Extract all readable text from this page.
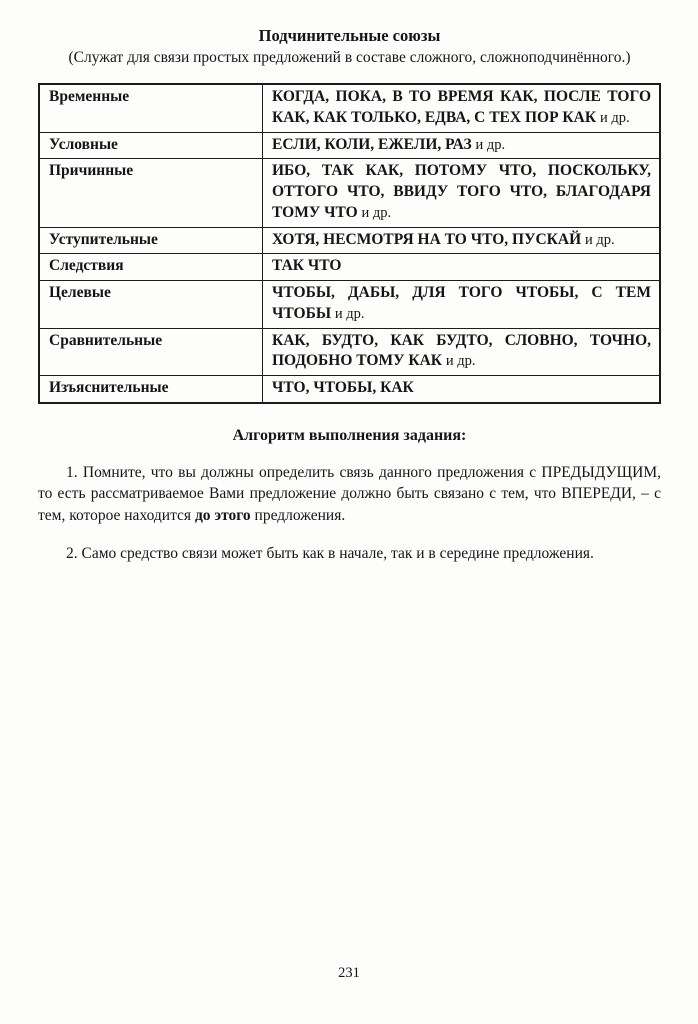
Подчинительные союзы
(Служат для связи простых предложений в составе сложного, сложноподчинённого.)
Временные	КОГДА, ПОКА, В ТО ВРЕМЯ КАК, ПОСЛЕ ТОГО КАК, КАК ТОЛЬКО, ЕДВА, С ТЕХ ПОР КАК и др.
Условные	ЕСЛИ, КОЛИ, ЕЖЕЛИ, РАЗ и др.
Причинные	ИБО, ТАК КАК, ПОТОМУ ЧТО, ПОСКОЛЬКУ, ОТТОГО ЧТО, ВВИДУ ТОГО ЧТО, БЛАГОДАРЯ ТОМУ ЧТО и др.
Уступительные	ХОТЯ, НЕСМОТРЯ НА ТО ЧТО, ПУСКАЙ и др.
Следствия	ТАК ЧТО
Целевые	ЧТОБЫ, ДАБЫ, ДЛЯ ТОГО ЧТОБЫ, С ТЕМ ЧТОБЫ и др.
Сравнительные	КАК, БУДТО, КАК БУДТО, СЛОВНО, ТОЧНО, ПОДОБНО ТОМУ КАК и др.
Изъяснительные	ЧТО, ЧТОБЫ, КАК
Алгоритм выполнения задания:

1. Помните, что вы должны определить связь данного предложения с ПРЕДЫДУЩИМ, то есть рассматриваемое Вами предложение должно быть связано с тем, что ВПЕРЕДИ, – с тем, которое находится до этого предложения.

2. Само средство связи может быть как в начале, так и в середине предложения.

231
